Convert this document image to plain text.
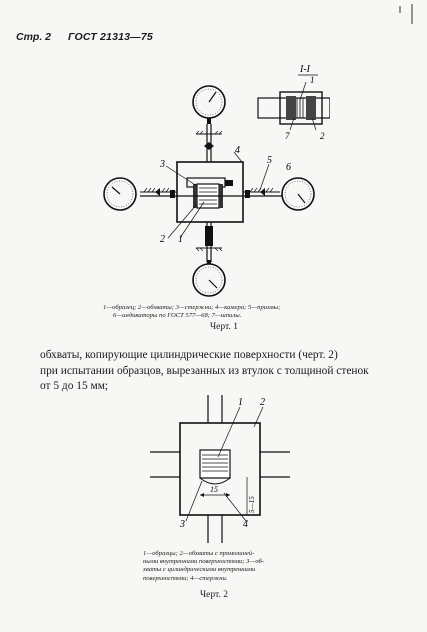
Стр. 2 ГОСТ 21313—75
3
4
5
6
2 1
I-I
1
7	2
1—образец; 2—обхваты; 3—стержни; 4—камера; 5—призмы;
6—индикаторы по ГОСТ 577—68; 7—шпилы.
Черт. 1

обхваты, копирующие цилиндрические поверхности (черт. 2)

при испытании образцов, вырезанных из втулок с толщиной стенок

от 5 до 15 мм;

15
5—15
1 2
3	4
1—образцы; 2—обхваты с прямолиней-
ными внутренними поверхностями; 3—об-
хваты с цилиндрическими внутренними
поверхностями; 4—стержни.
Черт. 2
